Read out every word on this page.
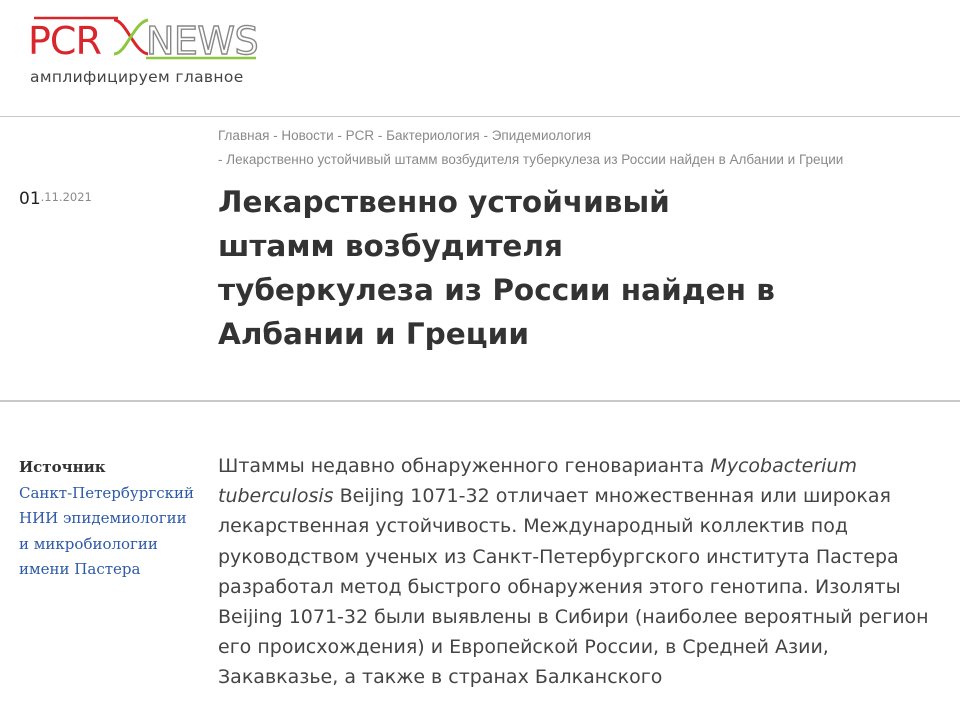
PCR NEWS
амплифицируем главное
Главная - Новости - PCR - Бактериология - Эпидемиология
- Лекарственно устойчивый штамм возбудителя туберкулеза из России найден в Албании и Греции
$01^{.11.2021}$	Лекарственно устойчивый штамм возбудителя туберкулеза из России найден в Албании и Греции
Источник
Санкт-Петербургский НИИ эпидемиологии и микробиологии имени Пастера

Штаммы недавно обнаруженного геноварианта Mycobacterium tuberculosis Beijing 1071-32 отличает множественная или широкая лекарственная устойчивость. Международный коллектив под руководством ученых из Санкт-Петербургского института Пастера разработал метод быстрого обнаружения этого генотипа. Изоляты Beijing 1071-32 были выявлены в Сибири (наиболее вероятный регион его происхождения) и Европейской России, в Средней Азии, Закавказье, а также в странах Балканского
